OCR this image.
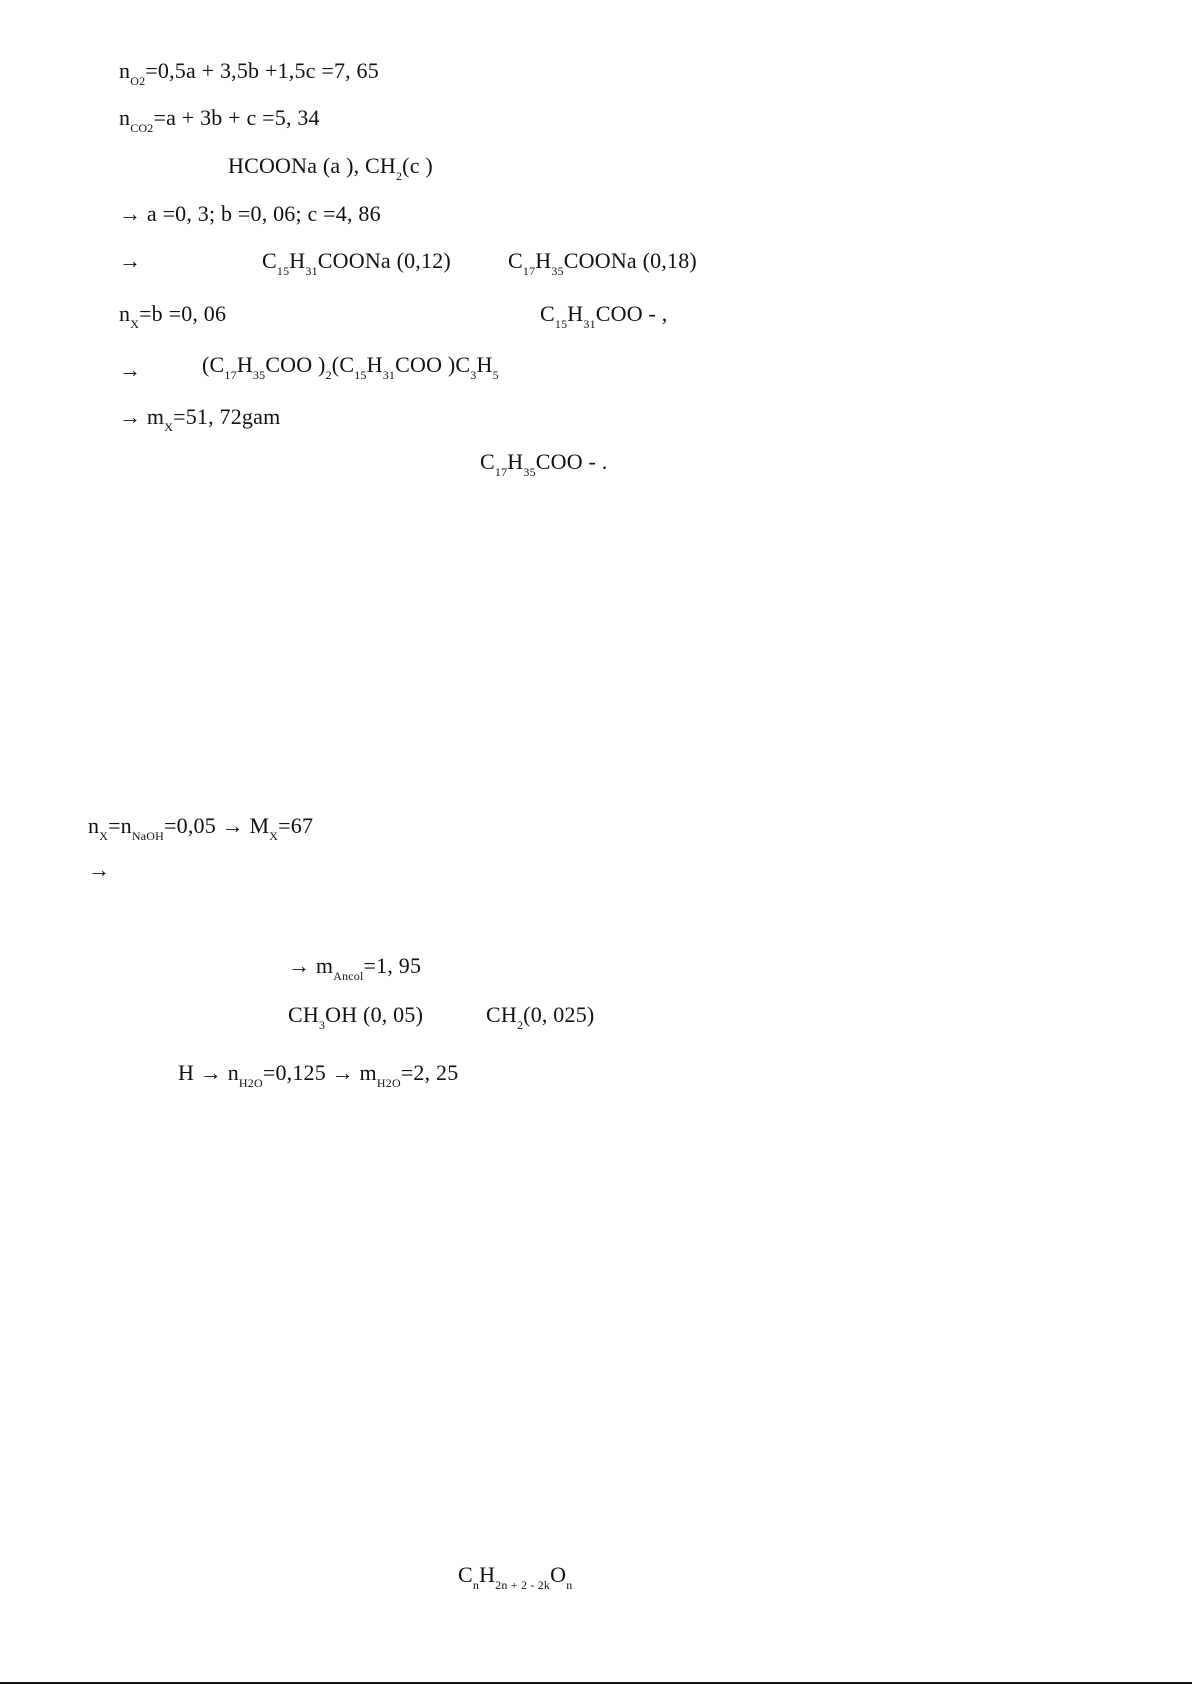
$n_{O2}=0,5a + 3,5b +1,5c =7$, 65
$n_{CO2}=a + 3b + c =5$, 34
HCOONa (a ), $CH_2(c$ )
→ a =0, 3; b =0, 06; c =4, 86
→	$C_{15}H_{31}COONa$ (0,12)	$C_{17}H_{35}COONa$ (0,18)
$n_X=b =0$, 06	$C_{15}H_{31}COO$ - ,
→	($C_{17}H_{35}COO$ )$_2(C_{15}H_{31}COO$ )$C_3H_5$
→ $m_X=51$, 72gam
$C_{17}H_{35}COO$ - .
$n_X=n_{NaOH}=0,05 \to M_X=67$
→
→ $m_{Ancol}=1$, 95
$CH_3OH$ (0, 05)	$CH_2(0$, 025)
$H \to n_{H2O}=0,125 \to m_{H2O}=2$, 25
$C_nH_{2n + 2 - 2k}O_n$
